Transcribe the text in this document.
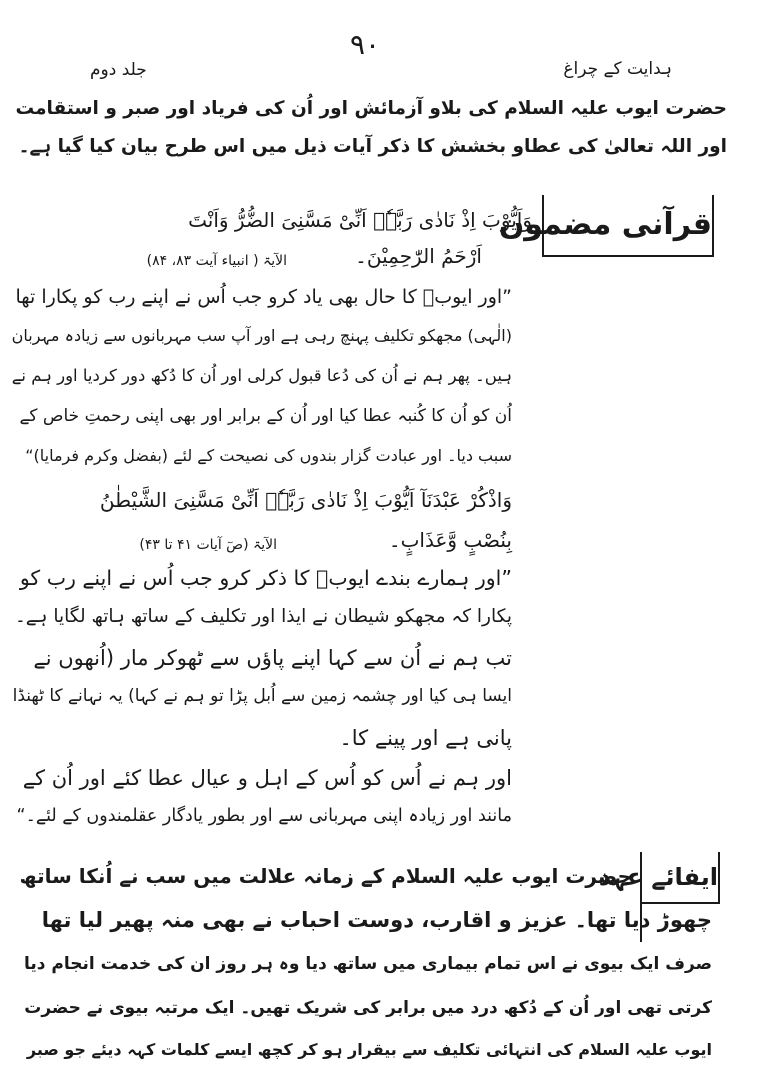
۹۰
جلد دوم	ہدایت کے چراغ
حضرت ایوب علیہ السلام کی بلاو آزمائش اور اُن کی فریاد اور صبر و استقامت
اور اللہ تعالیٰ کی عطاو بخشش کا ذکر آیات ذیل میں اس طرح بیان کیا گیا ہے۔
قرآنی مضمون
وَاَیُّوْبَ اِذْ نَادٰی رَبَّہٗۤ اَنِّیْ مَسَّنِیَ الضُّرُّ وَاَنْتَ
اَرْحَمُ الرّٰحِمِیْنَ۔
الآیۃ ( انبیاء آیت ۸۳، ۸۴)
”اور ایوبؑ کا حال بھی یاد کرو جب اُس نے اپنے رب کو پکارا تھا
(الٰہی) مجھکو تکلیف پہنچ رہی ہے اور آپ سب مہربانوں سے زیادہ مہربان
ہیں۔ پھر ہم نے اُن کی دُعا قبول کرلی اور اُن کا دُکھ دور کردیا اور ہم نے
اُن کو اُن کا کُنبہ عطا کیا اور اُن کے برابر اور بھی اپنی رحمتِ خاص کے
سبب دیا۔ اور عبادت گزار بندوں کی نصیحت کے لئے (بفضل وکرم فرمایا)“
وَاذْکُرْ عَبْدَنَآ اَیُّوْبَ اِذْ نَادٰی رَبَّہٗۤ اَنِّیْ مَسَّنِیَ الشَّیْطٰنُ
بِنُصْبٍ وَّعَذَابٍ۔
الآیۃ (صٓ آیات ۴۱ تا ۴۳)
”اور ہمارے بندے ایوبؑ کا ذکر کرو جب اُس نے اپنے رب کو
پکارا کہ مجھکو شیطان نے ایذا اور تکلیف کے ساتھ ہاتھ لگایا ہے۔
تب ہم نے اُن سے کہا اپنے پاؤں سے ٹھوکر مار (اُنھوں نے
ایسا ہی کیا اور چشمہ زمین سے اُبل پڑا تو ہم نے کہا) یہ نہانے کا ٹھنڈا
پانی ہے اور پینے کا۔
اور ہم نے اُس کو اُس کے اہل و عیال عطا کئے اور اُن کے
مانند اور زیادہ اپنی مہربانی سے اور بطور یادگار عقلمندوں کے لئے۔“
ایفائے عہد
حضرت ایوب علیہ السلام کے زمانہ علالت میں سب نے اُنکا ساتھ
چھوڑ دیا تھا۔ عزیز و اقارب، دوست احباب نے بھی منہ پھیر لیا تھا
صرف ایک بیوی نے اس تمام بیماری میں ساتھ دیا وہ ہر روز ان کی خدمت انجام دیا
کرتی تھی اور اُن کے دُکھ درد میں برابر کی شریک تھیں۔ ایک مرتبہ بیوی نے حضرت
ایوب علیہ السلام کی انتہائی تکلیف سے بیقرار ہو کر کچھ ایسے کلمات کہہ دیئے جو صبر
